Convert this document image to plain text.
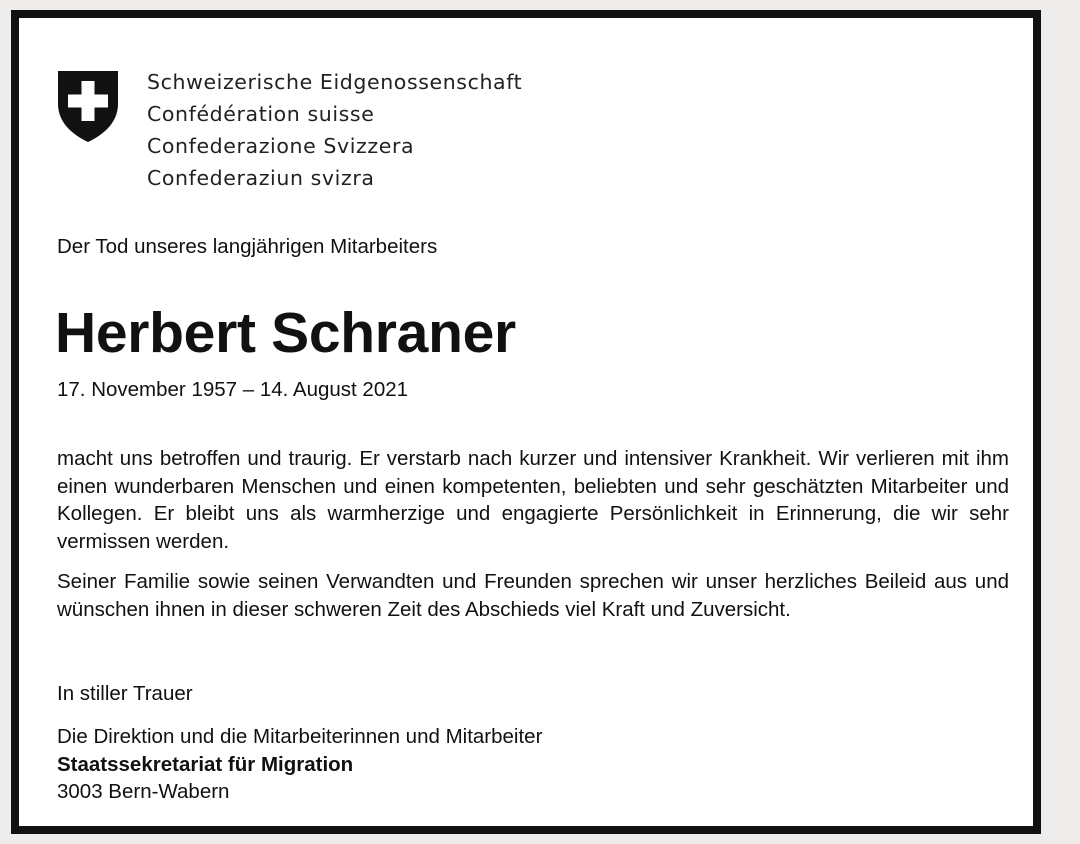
Schweizerische Eidgenossenschaft
Confédération suisse
Confederazione Svizzera
Confederaziun svizra
Der Tod unseres langjährigen Mitarbeiters
Herbert Schraner
17. November 1957 – 14. August 2021

macht uns betroffen und traurig. Er verstarb nach kurzer und intensiver Krankheit. Wir verlieren mit ihm einen wunderbaren Menschen und einen kompetenten, beliebten und sehr geschätzten Mitarbeiter und Kollegen. Er bleibt uns als warmherzige und engagierte Persönlichkeit in Erinnerung, die wir sehr vermissen werden.

Seiner Familie sowie seinen Verwandten und Freunden sprechen wir unser herzliches Beileid aus und wünschen ihnen in dieser schweren Zeit des Abschieds viel Kraft und Zuversicht.

In stiller Trauer
Die Direktion und die Mitarbeiterinnen und Mitarbeiter
Staatssekretariat für Migration
3003 Bern-Wabern
